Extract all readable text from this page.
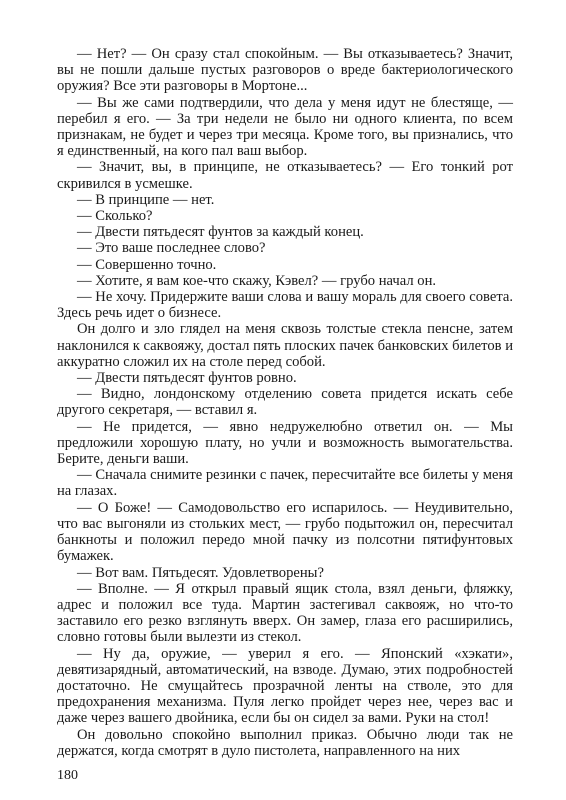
— Нет? — Он сразу стал спокойным. — Вы отказываетесь? Значит, вы не пошли дальше пустых разговоров о вреде бактериологического оружия? Все эти разговоры в Мортоне...

— Вы же сами подтвердили, что дела у меня идут не блестяще, — перебил я его. — За три недели не было ни одного клиента, по всем признакам, не будет и через три месяца. Кроме того, вы признались, что я единственный, на кого пал ваш выбор.

— Значит, вы, в принципе, не отказываетесь? — Его тонкий рот скривился в усмешке.

— В принципе — нет.

— Сколько?

— Двести пятьдесят фунтов за каждый конец.

— Это ваше последнее слово?

— Совершенно точно.

— Хотите, я вам кое-что скажу, Кэвел? — грубо начал он.

— Не хочу. Придержите ваши слова и вашу мораль для своего совета. Здесь речь идет о бизнесе.

Он долго и зло глядел на меня сквозь толстые стекла пенсне, затем наклонился к саквояжу, достал пять плоских пачек банковских билетов и аккуратно сложил их на столе перед собой.

— Двести пятьдесят фунтов ровно.

— Видно, лондонскому отделению совета придется искать себе другого секретаря, — вставил я.

— Не придется, — явно недружелюбно ответил он. — Мы предложили хорошую плату, но учли и возможность вымогательства. Берите, деньги ваши.

— Сначала снимите резинки с пачек, пересчитайте все билеты у меня на глазах.

— О Боже! — Самодовольство его испарилось. — Неудивительно, что вас выгоняли из стольких мест, — грубо подытожил он, пересчитал банкноты и положил передо мной пачку из полсотни пятифунтовых бумажек.

— Вот вам. Пятьдесят. Удовлетворены?

— Вполне. — Я открыл правый ящик стола, взял деньги, фляжку, адрес и положил все туда. Мартин застегивал саквояж, но что-то заставило его резко взглянуть вверх. Он замер, глаза его расширились, словно готовы были вылезти из стекол.

— Ну да, оружие, — уверил я его. — Японский «хэкати», девятизарядный, автоматический, на взводе. Думаю, этих подробностей достаточно. Не смущайтесь прозрачной ленты на стволе, это для предохранения механизма. Пуля легко пройдет через нее, через вас и даже через вашего двойника, если бы он сидел за вами. Руки на стол!

Он довольно спокойно выполнил приказ. Обычно люди так не держатся, когда смотрят в дуло пистолета, направленного на них

180
